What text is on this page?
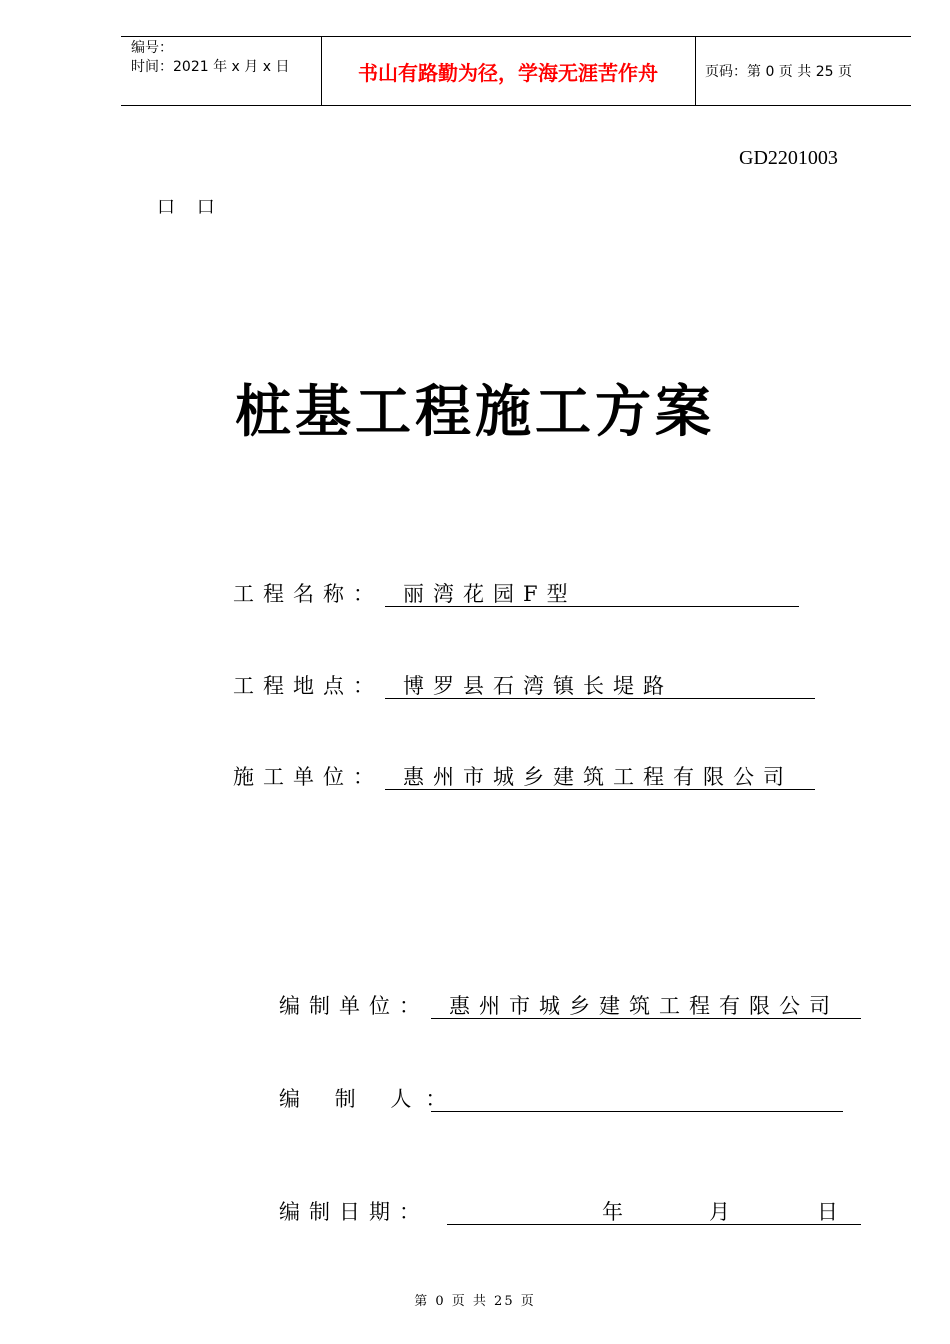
编号：
时间：2021 年 x 月 x 日	书山有路勤为径，学海无涯苦作舟	页码：第 0 页 共 25 页
GD2201003
口 口
桩基工程施工方案
工程名称： 丽湾花园F型
工程地点： 博罗县石湾镇长堤路
施工单位： 惠州市城乡建筑工程有限公司
编制单位： 惠州市城乡建筑工程有限公司
编 制 人：
编制日期：	年	月	日
第 0 页 共 25 页
